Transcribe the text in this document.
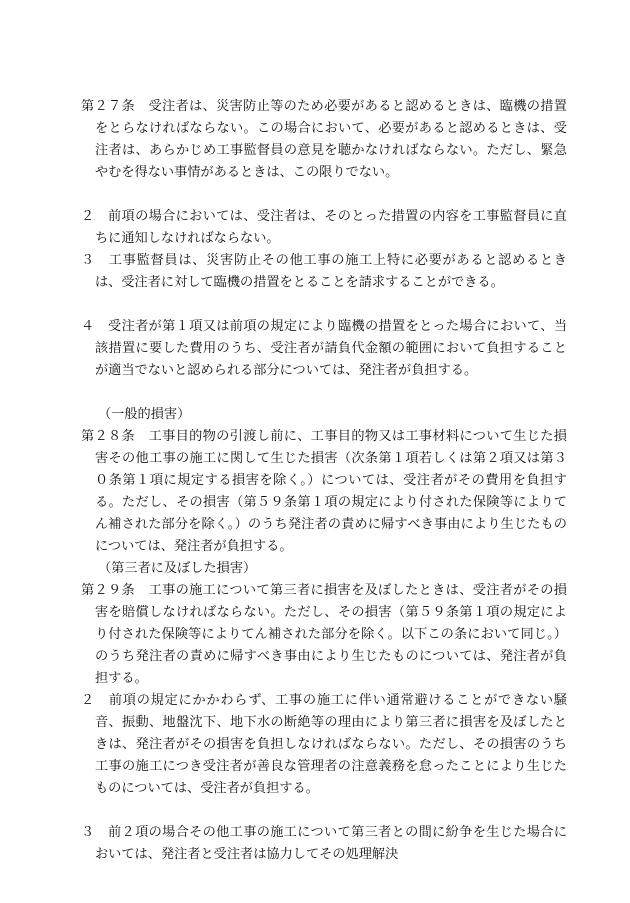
第２７条　受注者は、災害防止等のため必要があると認めるときは、臨機の措置をとらなければならない。この場合において、必要があると認めるときは、受注者は、あらかじめ工事監督員の意見を聴かなければならない。ただし、緊急やむを得ない事情があるときは、この限りでない。
２　前項の場合においては、受注者は、そのとった措置の内容を工事監督員に直ちに通知しなければならない。
３　工事監督員は、災害防止その他工事の施工上特に必要があると認めるときは、受注者に対して臨機の措置をとることを請求することができる。
４　受注者が第１項又は前項の規定により臨機の措置をとった場合において、当該措置に要した費用のうち、受注者が請負代金額の範囲において負担することが適当でないと認められる部分については、発注者が負担する。
（一般的損害）
第２８条　工事目的物の引渡し前に、工事目的物又は工事材料について生じた損害その他工事の施工に関して生じた損害（次条第１項若しくは第２項又は第３０条第１項に規定する損害を除く。）については、受注者がその費用を負担する。ただし、その損害（第５９条第１項の規定により付された保険等によりてん補された部分を除く。）のうち発注者の責めに帰すべき事由により生じたものについては、発注者が負担する。
（第三者に及ぼした損害）
第２９条　工事の施工について第三者に損害を及ぼしたときは、受注者がその損害を賠償しなければならない。ただし、その損害（第５９条第１項の規定により付された保険等によりてん補された部分を除く。以下この条において同じ。）のうち発注者の責めに帰すべき事由により生じたものについては、発注者が負担する。
２　前項の規定にかかわらず、工事の施工に伴い通常避けることができない騒音、振動、地盤沈下、地下水の断絶等の理由により第三者に損害を及ぼしたときは、発注者がその損害を負担しなければならない。ただし、その損害のうち工事の施工につき受注者が善良な管理者の注意義務を怠ったことにより生じたものについては、受注者が負担する。
３　前２項の場合その他工事の施工について第三者との間に紛争を生じた場合においては、発注者と受注者は協力してその処理解決
